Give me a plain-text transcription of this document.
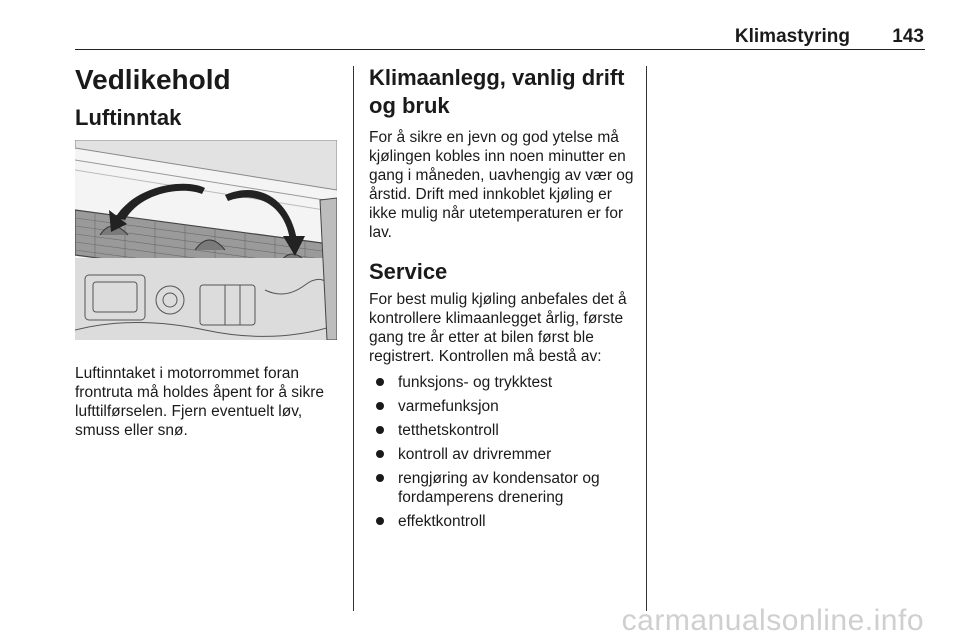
Klimastyring 143
Vedlikehold
Luftinntak

Luftinntaket i motorrommet foran frontruta må holdes åpent for å sikre lufttilførselen. Fjern eventuelt løv, smuss eller snø.

Klimaanlegg, vanlig drift og bruk

For å sikre en jevn og god ytelse må kjølingen kobles inn noen minutter en gang i måneden, uavhengig av vær og årstid. Drift med innkoblet kjøling er ikke mulig når utetemperaturen er for lav.

Service

For best mulig kjøling anbefales det å kontrollere klimaanlegget årlig, første gang tre år etter at bilen først ble registrert. Kontrollen må bestå av:

funksjons- og trykktest
varmefunksjon
tetthetskontroll
kontroll av drivremmer
rengjøring av kondensator og fordamperens drenering
effektkontroll
carmanualsonline.info
